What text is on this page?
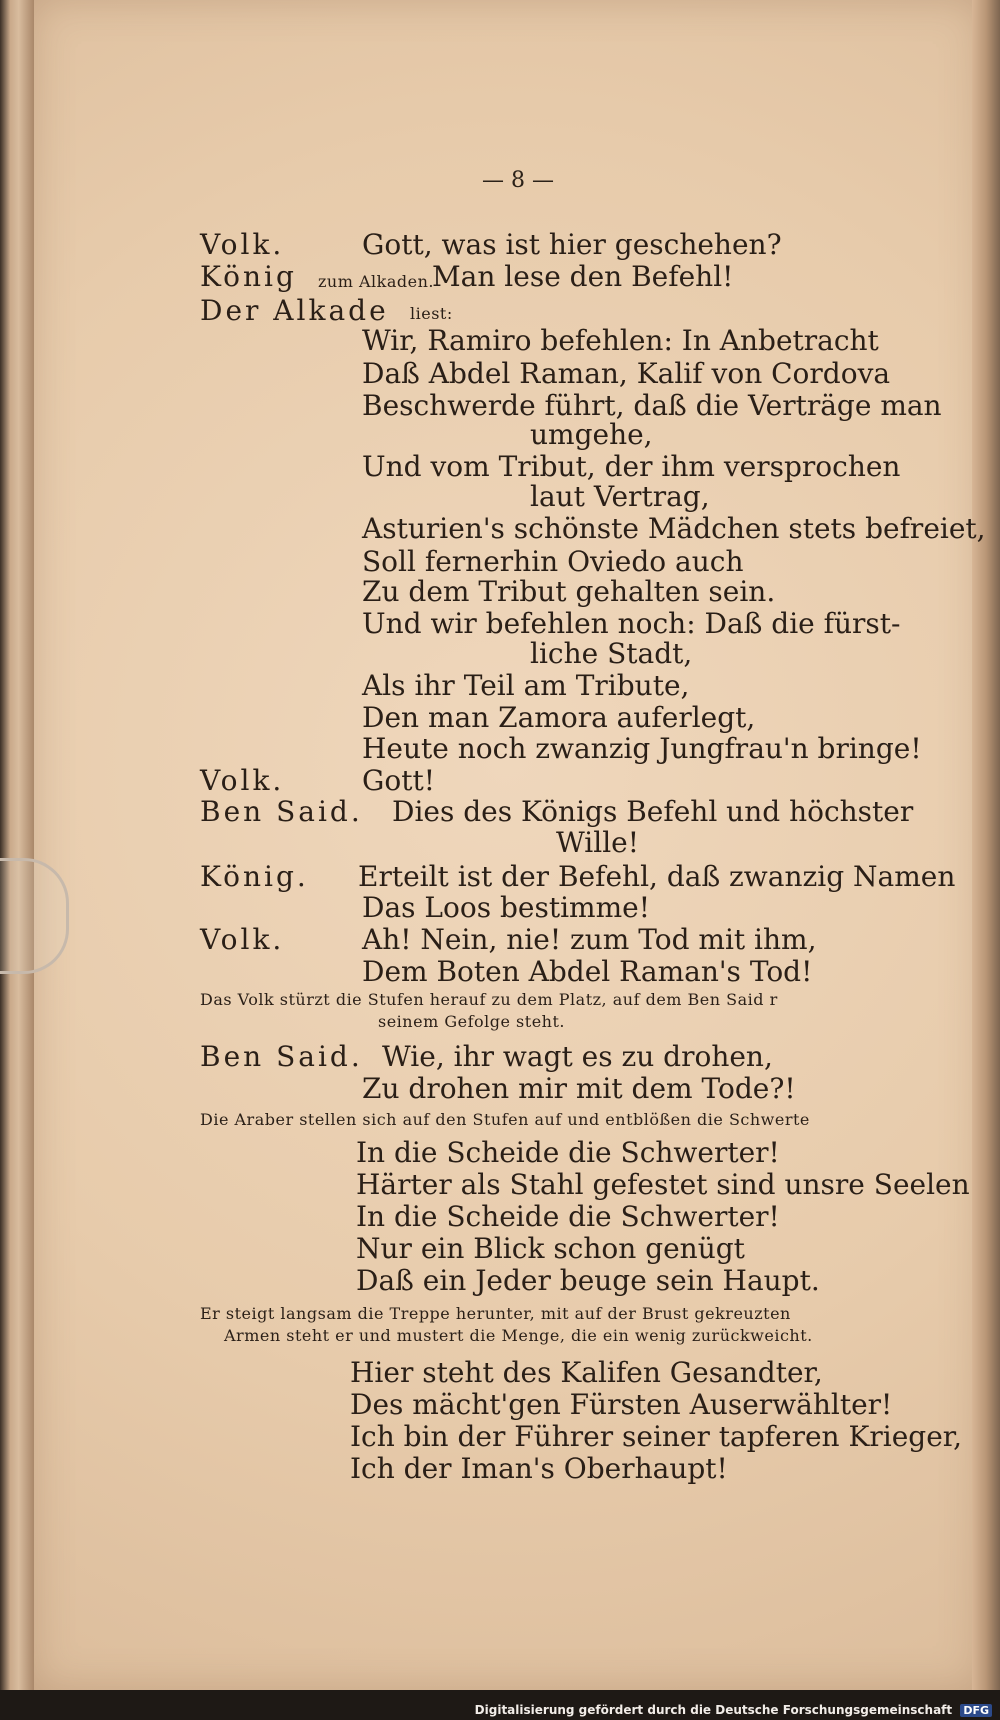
— 8 —
Volk.	Gott, was ist hier geschehen?
König zum Alkaden.
Man lese den Befehl!
Der Alkade liest:
Wir, Ramiro befehlen: In Anbetracht
Daß Abdel Raman, Kalif von Cordova
Beschwerde führt, daß die Verträge man
umgehe,
Und vom Tribut, der ihm versprochen
laut Vertrag,
Asturien's schönste Mädchen stets befreiet,
Soll fernerhin Oviedo auch
Zu dem Tribut gehalten sein.
Und wir befehlen noch: Daß die fürst-
liche Stadt,
Als ihr Teil am Tribute,
Den man Zamora auferlegt,
Heute noch zwanzig Jungfrau'n bringe!
Volk.	Gott!
Ben Said. Dies des Königs Befehl und höchster
Wille!
König. Erteilt ist der Befehl, daß zwanzig Namen
Das Loos bestimme!
Volk.	Ah! Nein, nie! zum Tod mit ihm,
Dem Boten Abdel Raman's Tod!
Das Volk stürzt die Stufen herauf zu dem Platz, auf dem Ben Said r
seinem Gefolge steht.
Ben Said. Wie, ihr wagt es zu drohen,
Zu drohen mir mit dem Tode?!
Die Araber stellen sich auf den Stufen auf und entblößen die Schwerte
In die Scheide die Schwerter!
Härter als Stahl gefestet sind unsre Seelen
In die Scheide die Schwerter!
Nur ein Blick schon genügt
Daß ein Jeder beuge sein Haupt.
Er steigt langsam die Treppe herunter, mit auf der Brust gekreuzten
Armen steht er und mustert die Menge, die ein wenig zurückweicht.
Hier steht des Kalifen Gesandter,
Des mächt'gen Fürsten Auserwählter!
Ich bin der Führer seiner tapferen Krieger,
Ich der Iman's Oberhaupt!
Digitalisierung gefördert durch die Deutsche Forschungsgemeinschaft DFG
